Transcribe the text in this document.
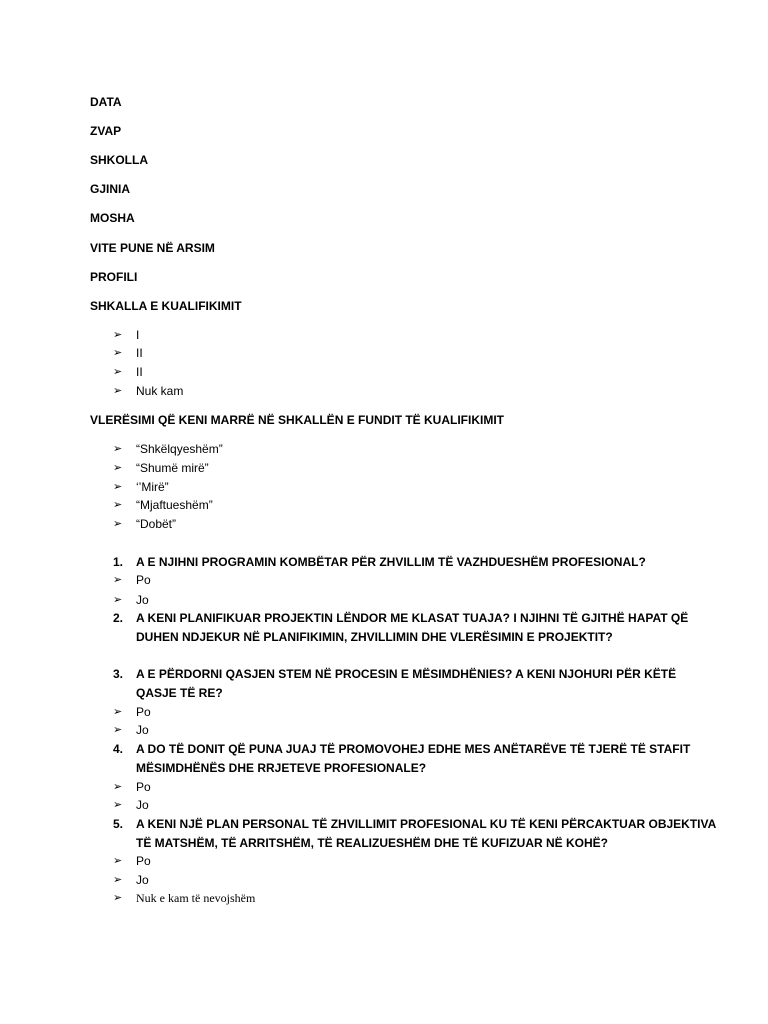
DATA
ZVAP
SHKOLLA
GJINIA
MOSHA
VITE PUNE NË ARSIM
PROFILI
SHKALLA E KUALIFIKIMIT
➢ I
➢ II
➢ II
➢ Nuk kam
VLERËSIMI QË KENI MARRË NË SHKALLËN E FUNDIT TË KUALIFIKIMIT
➢ “Shkëlqyeshëm”
➢ “Shumë mirë”
➢ ‘’Mirë”
➢ “Mjaftueshëm”
➢ “Dobët”
1. A E NJIHNI PROGRAMIN KOMBËTAR PËR ZHVILLIM TË VAZHDUESHËM PROFESIONAL?
➢ Po
➢ Jo
2. A KENI PLANIFIKUAR PROJEKTIN LËNDOR ME KLASAT TUAJA? I NJIHNI TË GJITHË HAPAT QË
DUHEN NDJEKUR NË PLANIFIKIMIN, ZHVILLIMIN DHE VLERËSIMIN E PROJEKTIT?
3. A E PËRDORNI QASJEN STEM NË PROCESIN E MËSIMDHËNIES? A KENI NJOHURI PËR KËTË
QASJE TË RE?
➢ Po
➢ Jo
4. A DO TË DONIT QË PUNA JUAJ TË PROMOVOHEJ EDHE MES ANËTARËVE TË TJERË TË STAFIT
MËSIMDHËNËS DHE RRJETEVE PROFESIONALE?
➢ Po
➢ Jo
5. A KENI NJË PLAN PERSONAL TË ZHVILLIMIT PROFESIONAL KU TË KENI PËRCAKTUAR OBJEKTIVA
TË MATSHËM, TË ARRITSHËM, TË REALIZUESHËM DHE TË KUFIZUAR NË KOHË?
➢ Po
➢ Jo
➢ Nuk e kam të nevojshëm
